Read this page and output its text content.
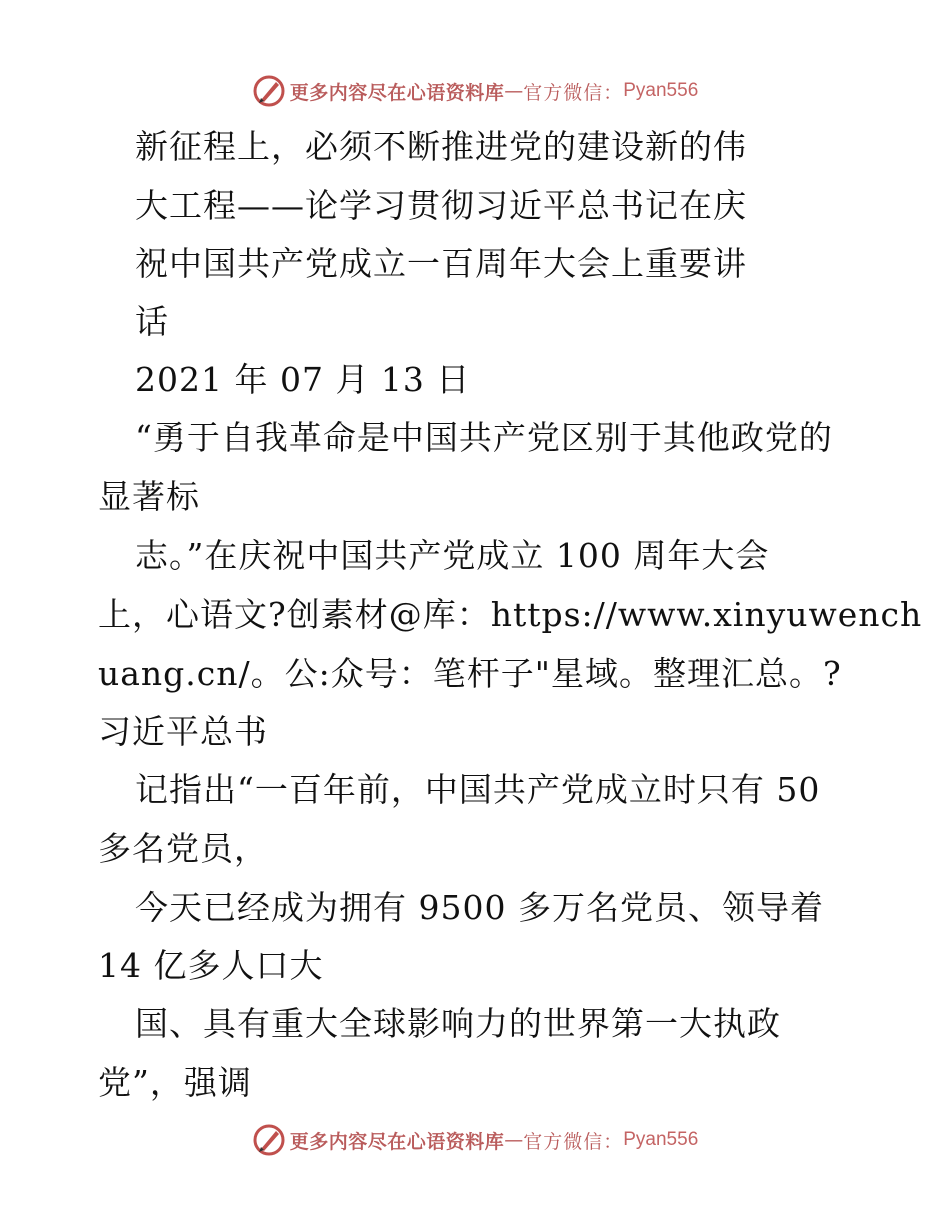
更多内容尽在心语资料库 — 官方微信： Pyan556
新征程上，必须不断推进党的建设新的伟
大工程——论学习贯彻习近平总书记在庆
祝中国共产党成立一百周年大会上重要讲
话
2021 年 07 月 13 日
“勇于自我革命是中国共产党区别于其他政党的
显著标
志。”在庆祝中国共产党成立 100 周年大会
上，心语文?创素材@库：https://www.xinyuwench
uang.cn/。公:众号：笔杆子"星域。整理汇总。?
习近平总书
记指出“一百年前，中国共产党成立时只有 50
多名党员，
今天已经成为拥有 9500 多万名党员、领导着
14 亿多人口大
国、具有重大全球影响力的世界第一大执政
党”，强调
更多内容尽在心语资料库 — 官方微信： Pyan556
